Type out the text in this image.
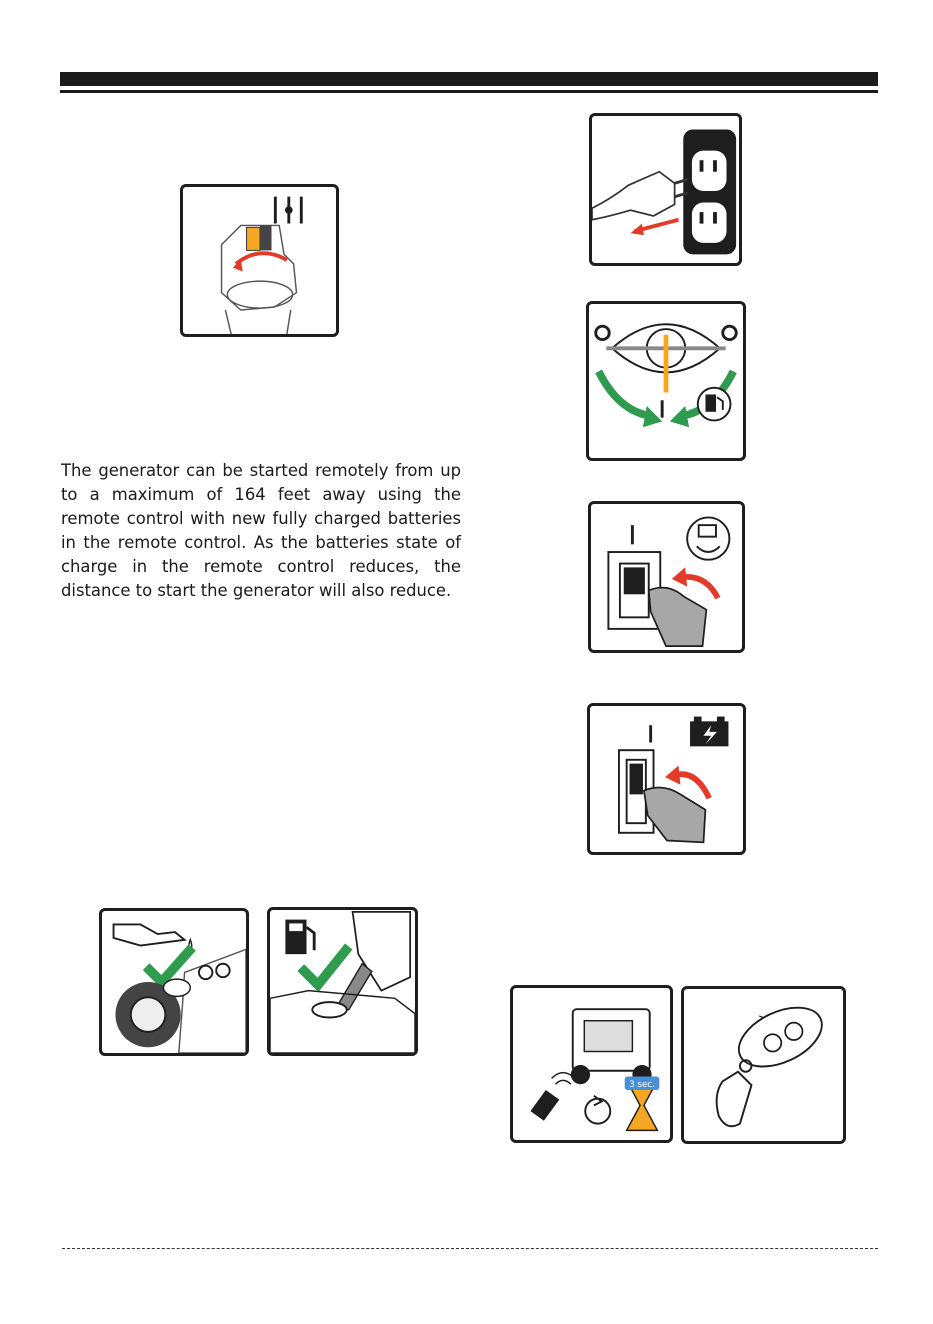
3 sec.

The generator can be started remotely from up to a maximum of 164 feet away using the remote control with new fully charged batteries in the remote control. As the batteries state of charge in the remote control reduces, the distance to start the generator will also reduce.
